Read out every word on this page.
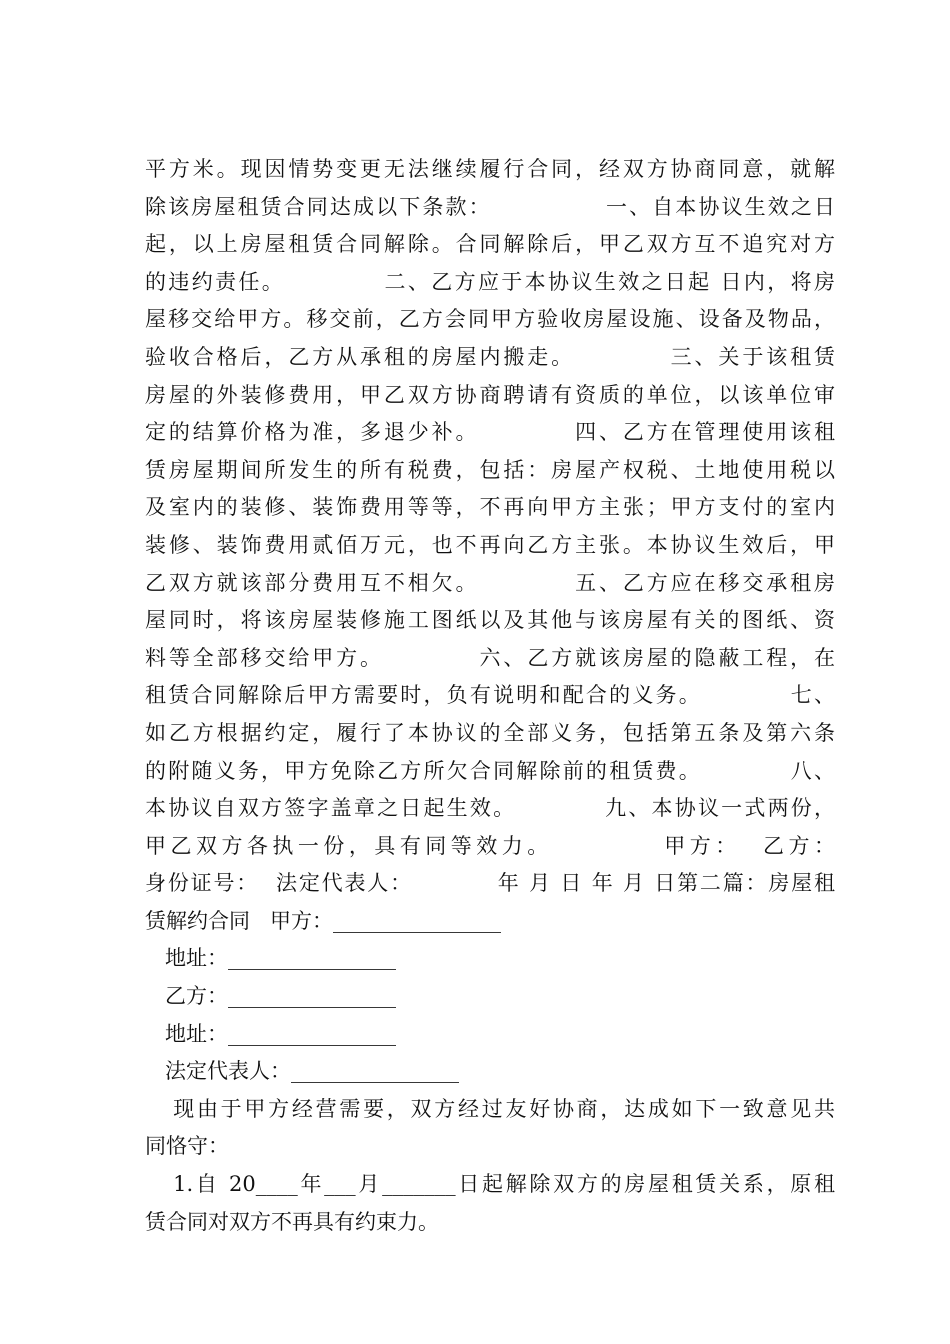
平方米。现因情势变更无法继续履行合同，经双方协商同意，就解
除该房屋租赁合同达成以下条款：             一、自本协议生效之日
起，以上房屋租赁合同解除。合同解除后，甲乙双方互不追究对方
的违约责任。           二、乙方应于本协议生效之日起 日内，将房
屋移交给甲方。移交前，乙方会同甲方验收房屋设施、设备及物品，
验收合格后，乙方从承租的房屋内搬走。          三、关于该租赁
房屋的外装修费用，甲乙双方协商聘请有资质的单位，以该单位审
定的结算价格为准，多退少补。          四、乙方在管理使用该租
赁房屋期间所发生的所有税费，包括：房屋产权税、土地使用税以
及室内的装修、装饰费用等等，不再向甲方主张；甲方支付的室内
装修、装饰费用贰佰万元，也不再向乙方主张。本协议生效后，甲
乙双方就该部分费用互不相欠。          五、乙方应在移交承租房
屋同时，将该房屋装修施工图纸以及其他与该房屋有关的图纸、资
料等全部移交给甲方。          六、乙方就该房屋的隐蔽工程，在
租赁合同解除后甲方需要时，负有说明和配合的义务。          七、
如乙方根据约定，履行了本协议的全部义务，包括第五条及第六条
的附随义务，甲方免除乙方所欠合同解除前的租赁费。          八、
本协议自双方签字盖章之日起生效。          九、本协议一式两份，
甲乙双方各执一份，具有同等效力。          甲方：  乙方：
身份证号：  法定代表人：          年 月 日 年 月 日第二篇：房屋租
赁解约合同   甲方：________________
地址：________________
乙方：________________
地址：________________
法定代表人：________________
现由于甲方经营需要，双方经过友好协商，达成如下一致意见共
同恪守：
1.自 20____年___月_______日起解除双方的房屋租赁关系，原租
赁合同对双方不再具有约束力。
